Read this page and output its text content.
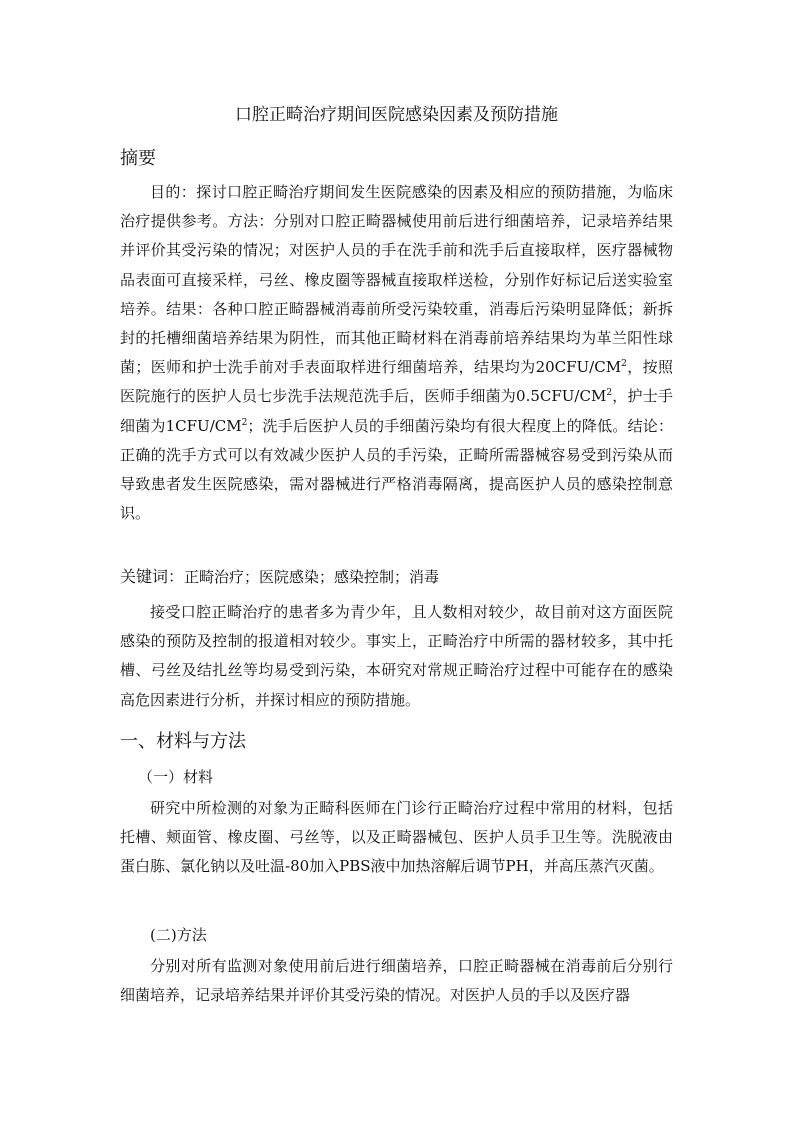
口腔正畸治疗期间医院感染因素及预防措施
摘要

目的：探讨口腔正畸治疗期间发生医院感染的因素及相应的预防措施，为临床治疗提供参考。方法：分别对口腔正畸器械使用前后进行细菌培养，记录培养结果并评价其受污染的情况；对医护人员的手在洗手前和洗手后直接取样，医疗器械物品表面可直接采样，弓丝、橡皮圈等器械直接取样送检，分别作好标记后送实验室培养。结果：各种口腔正畸器械消毒前所受污染较重，消毒后污染明显降低；新拆封的托槽细菌培养结果为阴性，而其他正畸材料在消毒前培养结果均为革兰阳性球菌；医师和护士洗手前对手表面取样进行细菌培养，结果均为$20CFU/CM^2$，按照医院施行的医护人员七步洗手法规范洗手后，医师手细菌为$0.5CFU/CM^2$，护士手细菌为$1CFU/CM^2$；洗手后医护人员的手细菌污染均有很大程度上的降低。结论：正确的洗手方式可以有效减少医护人员的手污染，正畸所需器械容易受到污染从而导致患者发生医院感染，需对器械进行严格消毒隔离，提高医护人员的感染控制意识。

关键词：正畸治疗；医院感染；感染控制；消毒

接受口腔正畸治疗的患者多为青少年，且人数相对较少，故目前对这方面医院感染的预防及控制的报道相对较少。事实上，正畸治疗中所需的器材较多，其中托槽、弓丝及结扎丝等均易受到污染，本研究对常规正畸治疗过程中可能存在的感染高危因素进行分析，并探讨相应的预防措施。

一、材料与方法

（一）材料

研究中所检测的对象为正畸科医师在门诊行正畸治疗过程中常用的材料，包括托槽、颊面管、橡皮圈、弓丝等，以及正畸器械包、医护人员手卫生等。洗脱液由蛋白胨、氯化钠以及吐温-80加入PBS液中加热溶解后调节PH，并高压蒸汽灭菌。

(二)方法

分别对所有监测对象使用前后进行细菌培养，口腔正畸器械在消毒前后分别行细菌培养，记录培养结果并评价其受污染的情况。对医护人员的手以及医疗器
